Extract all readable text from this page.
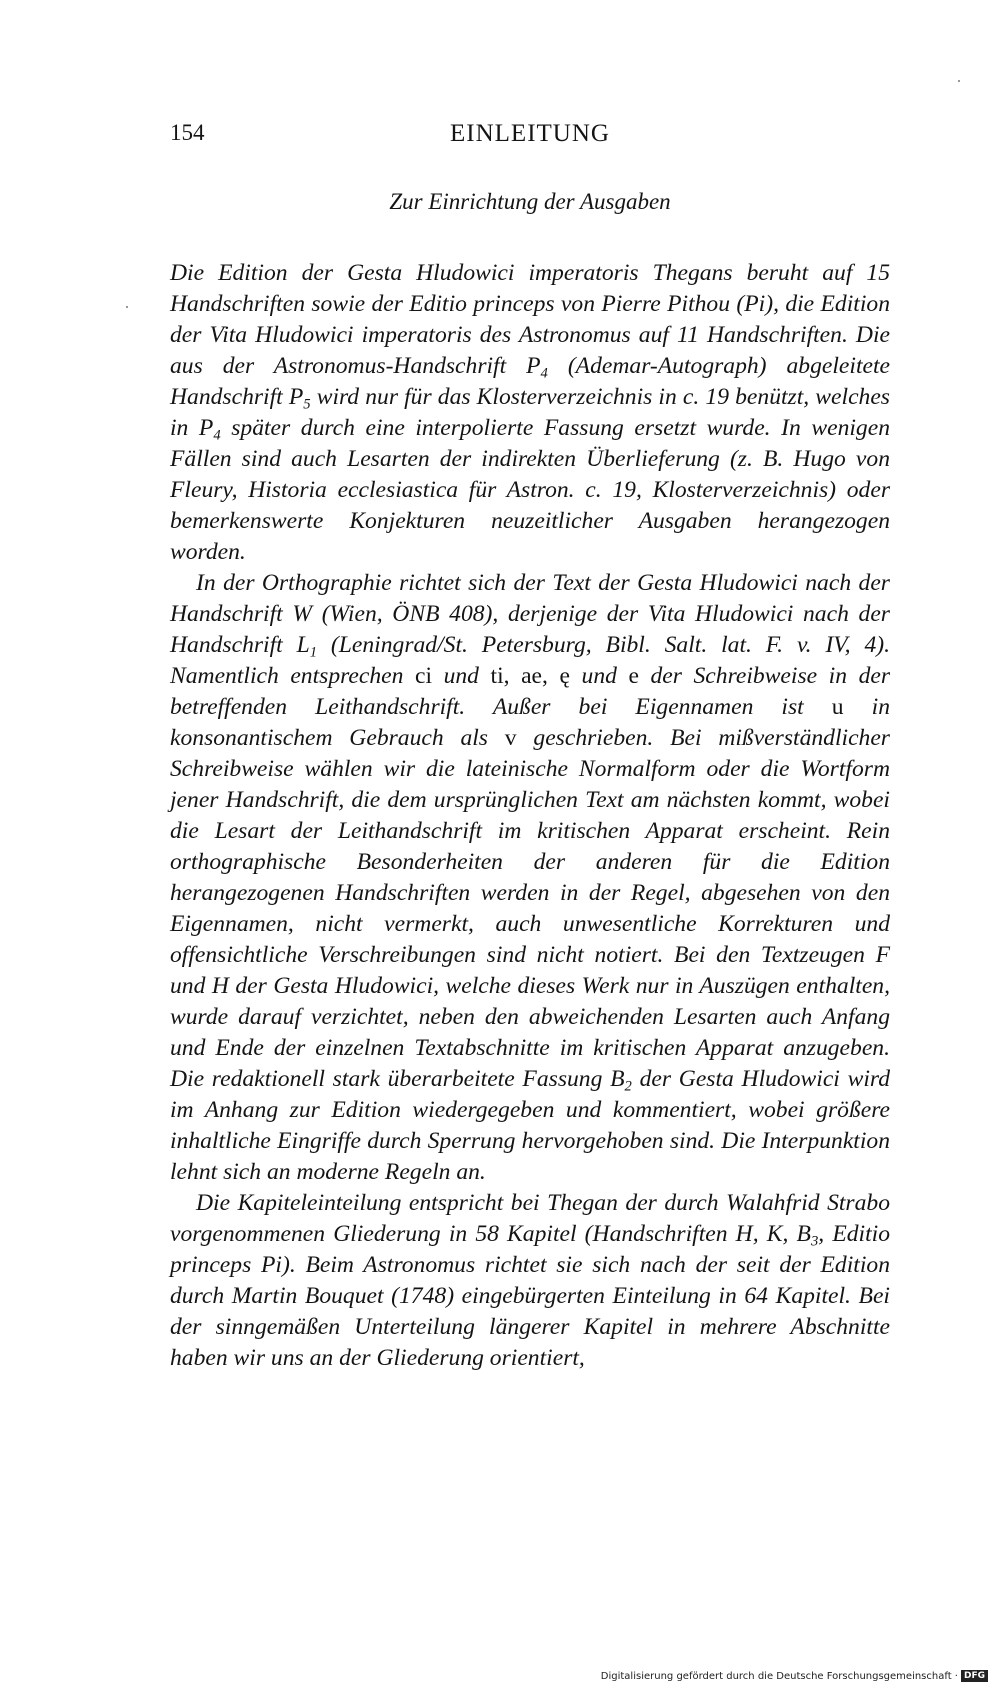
154	EINLEITUNG
Zur Einrichtung der Ausgaben

Die Edition der Gesta Hludowici imperatoris Thegans beruht auf 15 Handschriften sowie der Editio princeps von Pierre Pithou (Pi), die Edition der Vita Hludowici imperatoris des Astronomus auf 11 Handschriften. Die aus der Astronomus-Handschrift $P_4$ (Ademar-Autograph) abgeleitete Handschrift $P_5$ wird nur für das Klosterverzeichnis in c. 19 benützt, welches in $P_4$ später durch eine interpolierte Fassung ersetzt wurde. In wenigen Fällen sind auch Lesarten der indirekten Überlieferung (z. B. Hugo von Fleury, Historia ecclesiastica für Astron. c. 19, Klosterverzeichnis) oder bemerkenswerte Konjekturen neuzeitlicher Ausgaben herangezogen worden.

In der Orthographie richtet sich der Text der Gesta Hludowici nach der Handschrift W (Wien, ÖNB 408), derjenige der Vita Hludowici nach der Handschrift $L_1$ (Leningrad/St. Petersburg, Bibl. Salt. lat. F. v. IV, 4). Namentlich entsprechen ci und ti, ae, ę und e der Schreibweise in der betreffenden Leithandschrift. Außer bei Eigennamen ist u in konsonantischem Gebrauch als v geschrieben. Bei mißverständlicher Schreibweise wählen wir die lateinische Normalform oder die Wortform jener Handschrift, die dem ursprünglichen Text am nächsten kommt, wobei die Lesart der Leithandschrift im kritischen Apparat erscheint. Rein orthographische Besonderheiten der anderen für die Edition herangezogenen Handschriften werden in der Regel, abgesehen von den Eigennamen, nicht vermerkt, auch unwesentliche Korrekturen und offensichtliche Verschreibungen sind nicht notiert. Bei den Textzeugen F und H der Gesta Hludowici, welche dieses Werk nur in Auszügen enthalten, wurde darauf verzichtet, neben den abweichenden Lesarten auch Anfang und Ende der einzelnen Textabschnitte im kritischen Apparat anzugeben. Die redaktionell stark überarbeitete Fassung $B_2$ der Gesta Hludowici wird im Anhang zur Edition wiedergegeben und kommentiert, wobei größere inhaltliche Eingriffe durch Sperrung hervorgehoben sind. Die Interpunktion lehnt sich an moderne Regeln an.

Die Kapiteleinteilung entspricht bei Thegan der durch Walahfrid Strabo vorgenommenen Gliederung in 58 Kapitel (Handschriften H, K, $B_3$, Editio princeps Pi). Beim Astronomus richtet sie sich nach der seit der Edition durch Martin Bouquet (1748) eingebürgerten Einteilung in 64 Kapitel. Bei der sinngemäßen Unterteilung längerer Kapitel in mehrere Abschnitte haben wir uns an der Gliederung orientiert,

Digitalisierung gefördert durch die Deutsche Forschungsgemeinschaft · DFG
